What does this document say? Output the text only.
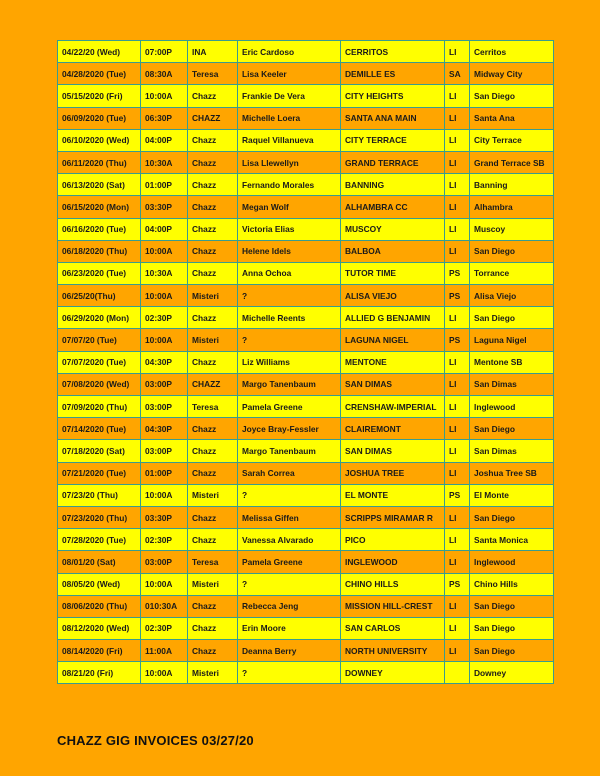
04/22/20 (Wed)	07:00P	INA	Eric Cardoso	CERRITOS	LI	Cerritos
04/28/2020 (Tue)	08:30A	Teresa	Lisa Keeler	DEMILLE ES	SA	Midway City
05/15/2020 (Fri)	10:00A	Chazz	Frankie De Vera	CITY HEIGHTS	LI	San Diego
06/09/2020 (Tue)	06:30P	CHAZZ	Michelle Loera	SANTA ANA MAIN	LI	Santa Ana
06/10/2020 (Wed)	04:00P	Chazz	Raquel Villanueva	CITY TERRACE	LI	City Terrace
06/11/2020 (Thu)	10:30A	Chazz	Lisa Llewellyn	GRAND TERRACE	LI	Grand Terrace SB
06/13/2020 (Sat)	01:00P	Chazz	Fernando Morales	BANNING	LI	Banning
06/15/2020 (Mon)	03:30P	Chazz	Megan Wolf	ALHAMBRA CC	LI	Alhambra
06/16/2020 (Tue)	04:00P	Chazz	Victoria Elias	MUSCOY	LI	Muscoy
06/18/2020 (Thu)	10:00A	Chazz	Helene Idels	BALBOA	LI	San Diego
06/23/2020 (Tue)	10:30A	Chazz	Anna Ochoa	TUTOR TIME	PS	Torrance
06/25/20(Thu)	10:00A	Misteri	?	ALISA VIEJO	PS	Alisa Viejo
06/29/2020 (Mon)	02:30P	Chazz	Michelle Reents	ALLIED G BENJAMIN	LI	San Diego
07/07/20 (Tue)	10:00A	Misteri	?	LAGUNA NIGEL	PS	Laguna Nigel
07/07/2020 (Tue)	04:30P	Chazz	Liz Williams	MENTONE	LI	Mentone SB
07/08/2020 (Wed)	03:00P	CHAZZ	Margo Tanenbaum	SAN DIMAS	LI	San Dimas
07/09/2020 (Thu)	03:00P	Teresa	Pamela Greene	CRENSHAW-IMPERIAL	LI	Inglewood
07/14/2020 (Tue)	04:30P	Chazz	Joyce Bray-Fessler	CLAIREMONT	LI	San Diego
07/18/2020 (Sat)	03:00P	Chazz	Margo Tanenbaum	SAN DIMAS	LI	San Dimas
07/21/2020 (Tue)	01:00P	Chazz	Sarah Correa	JOSHUA TREE	LI	Joshua Tree SB
07/23/20 (Thu)	10:00A	Misteri	?	EL MONTE	PS	El Monte
07/23/2020 (Thu)	03:30P	Chazz	Melissa Giffen	SCRIPPS MIRAMAR R	LI	San Diego
07/28/2020 (Tue)	02:30P	Chazz	Vanessa Alvarado	PICO	LI	Santa Monica
08/01/20 (Sat)	03:00P	Teresa	Pamela Greene	INGLEWOOD	LI	Inglewood
08/05/20 (Wed)	10:00A	Misteri	?	CHINO HILLS	PS	Chino Hills
08/06/2020 (Thu)	010:30A	Chazz	Rebecca Jeng	MISSION HILL-CREST	LI	San Diego
08/12/2020 (Wed)	02:30P	Chazz	Erin Moore	SAN CARLOS	LI	San Diego
08/14/2020 (Fri)	11:00A	Chazz	Deanna Berry	NORTH UNIVERSITY	LI	San Diego
08/21/20 (Fri)	10:00A	Misteri	?	DOWNEY		Downey
CHAZZ GIG INVOICES 03/27/20
